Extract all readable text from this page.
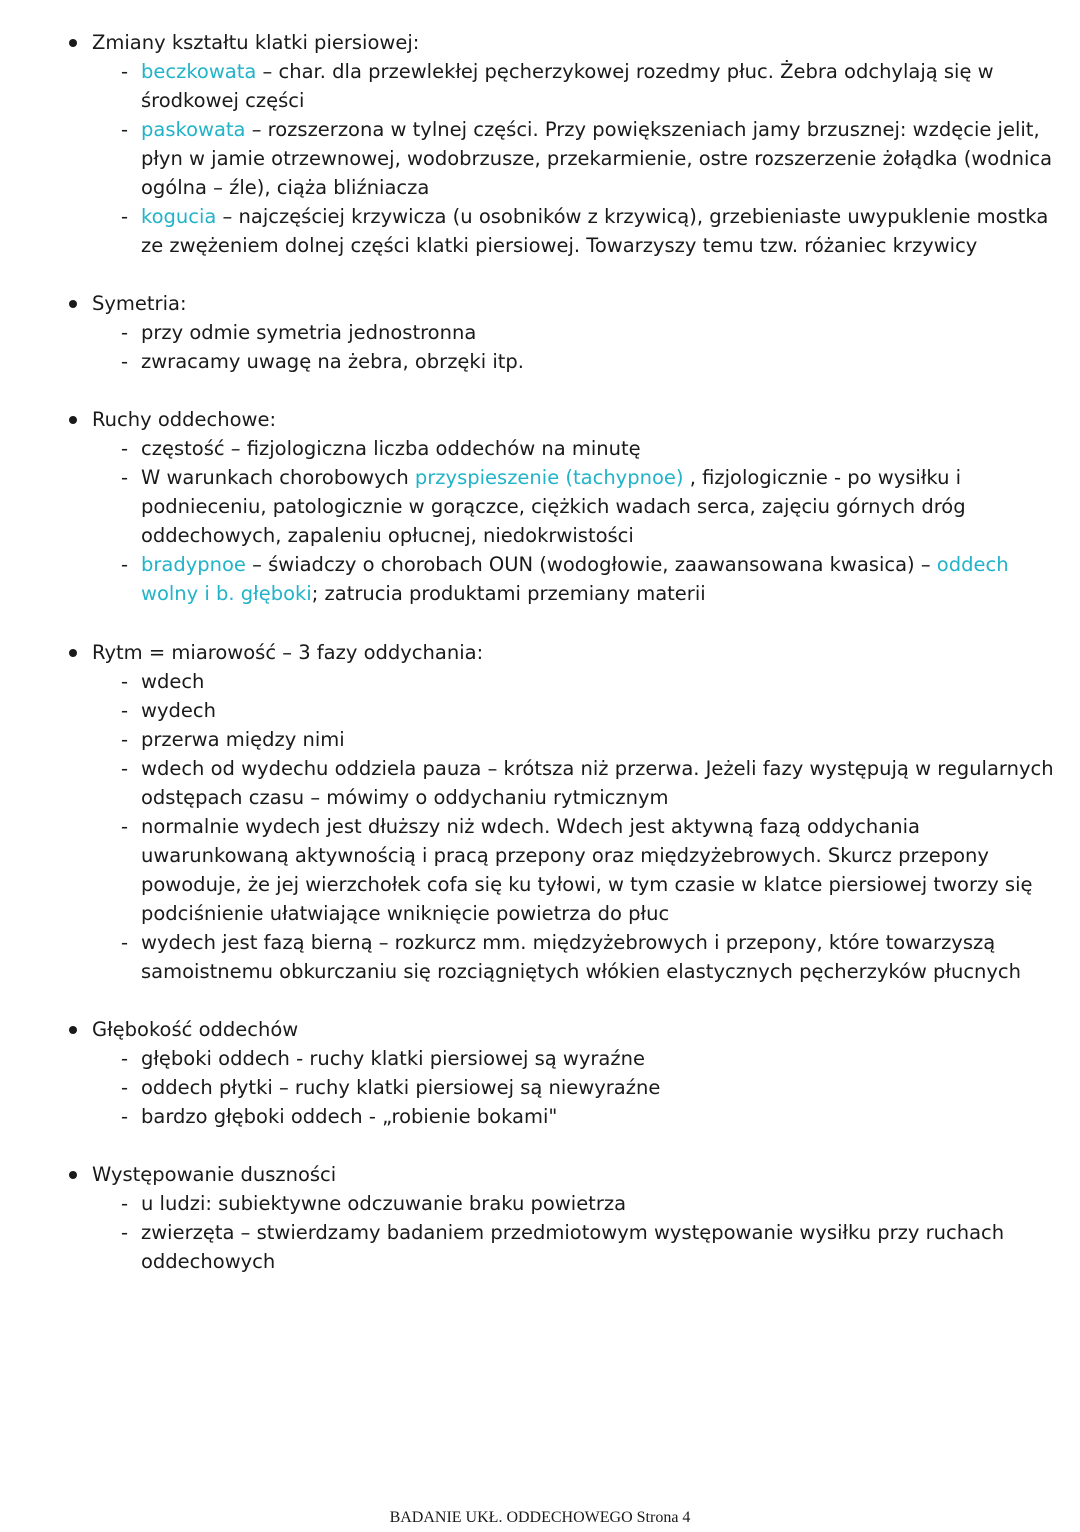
Zmiany kształtu klatki piersiowej:
- beczkowata – char. dla przewlekłej pęcherzykowej rozedmy płuc. Żebra odchylają się w środkowej części
- paskowata – rozszerzona w tylnej części. Przy powiększeniach jamy brzusznej: wzdęcie jelit, płyn w jamie otrzewnowej, wodobrzusze, przekarmienie, ostre rozszerzenie żołądka (wodnica ogólna – źle), ciąża bliźniacza
- kogucia – najczęściej krzywicza (u osobników z krzywicą), grzebieniaste uwypuklenie mostka ze zwężeniem dolnej części klatki piersiowej. Towarzyszy temu tzw. różaniec krzywicy
Symetria:
- przy odmie symetria jednostronna
- zwracamy uwagę na żebra, obrzęki itp.
Ruchy oddechowe:
- częstość – fizjologiczna liczba oddechów na minutę
- W warunkach chorobowych przyspieszenie (tachypnoe) , fizjologicznie - po wysiłku i podnieceniu, patologicznie w gorączce, ciężkich wadach serca, zajęciu górnych dróg oddechowych, zapaleniu opłucnej, niedokrwistości
- bradypnoe – świadczy o chorobach OUN (wodogłowie, zaawansowana kwasica) – oddech wolny i b. głęboki; zatrucia produktami przemiany materii
Rytm = miarowość – 3 fazy oddychania:
- wdech
- wydech
- przerwa między nimi
- wdech od wydechu oddziela pauza – krótsza niż przerwa. Jeżeli fazy występują w regularnych odstępach czasu – mówimy o oddychaniu rytmicznym
- normalnie wydech jest dłuższy niż wdech. Wdech jest aktywną fazą oddychania uwarunkowaną aktywnością i pracą przepony oraz międzyżebrowych. Skurcz przepony powoduje, że jej wierzchołek cofa się ku tyłowi, w tym czasie w klatce piersiowej tworzy się podciśnienie ułatwiające wniknięcie powietrza do płuc
- wydech jest fazą bierną – rozkurcz mm. międzyżebrowych i przepony, które towarzyszą samoistnemu obkurczaniu się rozciągniętych włókien elastycznych pęcherzyków płucnych
Głębokość oddechów
- głęboki oddech - ruchy klatki piersiowej są wyraźne
- oddech płytki – ruchy klatki piersiowej są niewyraźne
- bardzo głęboki oddech - „robienie bokami"
Występowanie duszności
- u ludzi: subiektywne odczuwanie braku powietrza
- zwierzęta – stwierdzamy badaniem przedmiotowym występowanie wysiłku przy ruchach oddechowych
BADANIE UKŁ. ODDECHOWEGO Strona 4
